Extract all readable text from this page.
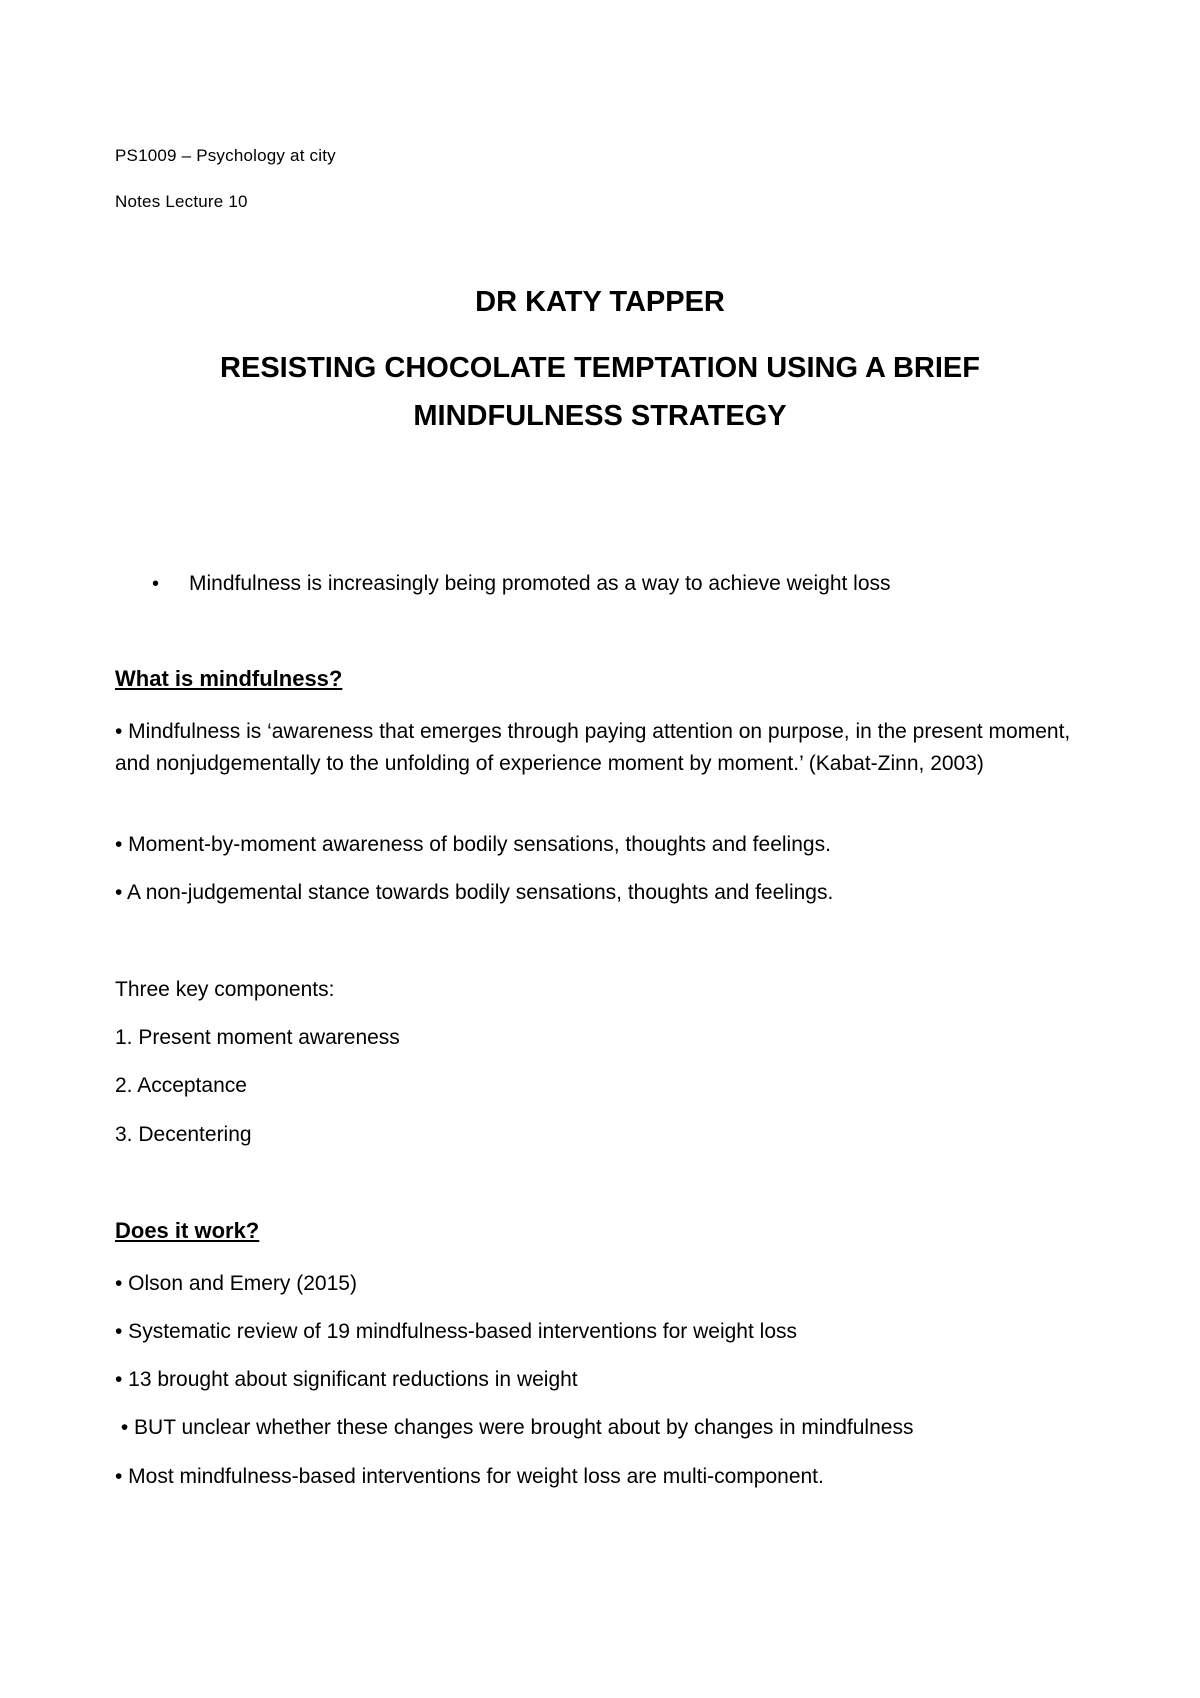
PS1009 – Psychology at city
Notes Lecture 10
DR KATY TAPPER
RESISTING CHOCOLATE TEMPTATION USING A BRIEF
MINDFULNESS STRATEGY
• Mindfulness is increasingly being promoted as a way to achieve weight loss
What is mindfulness?
• Mindfulness is ‘awareness that emerges through paying attention on purpose, in the present moment, and nonjudgementally to the unfolding of experience moment by moment.’ (Kabat-Zinn, 2003)
• Moment-by-moment awareness of bodily sensations, thoughts and feelings.
• A non-judgemental stance towards bodily sensations, thoughts and feelings.
Three key components:
1. Present moment awareness
2. Acceptance
3. Decentering
Does it work?
• Olson and Emery (2015)
• Systematic review of 19 mindfulness-based interventions for weight loss
• 13 brought about significant reductions in weight
• BUT unclear whether these changes were brought about by changes in mindfulness
• Most mindfulness-based interventions for weight loss are multi-component.
